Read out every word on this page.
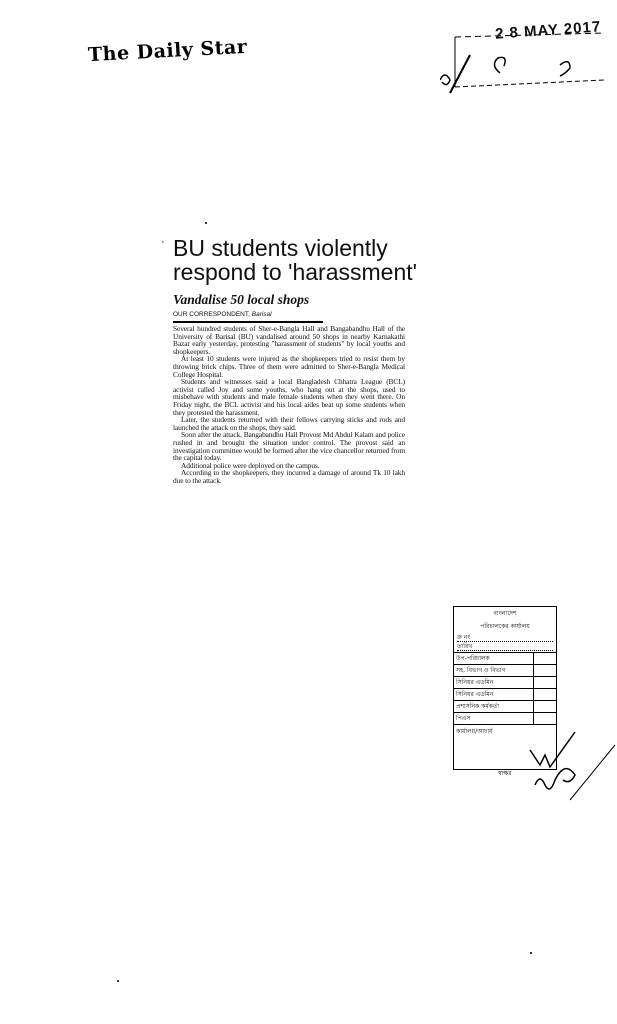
The Daily Star
2 8 MAY 2017
' BU students violently respond to 'harassment'
Vandalise 50 local shops
OUR CORRESPONDENT, Barisal

Several hundred students of Sher-e-Bangla Hall and Bangabandhu Hall of the University of Barisal (BU) vandalised around 50 shops in nearby Karnakathi Bazar early yesterday, protesting "harassment of students" by local youths and shopkeepers.

At least 10 students were injured as the shopkeepers tried to resist them by throwing brick chips. Three of them were admitted to Sher-e-Bangla Medical College Hospital.

Students and witnesses said a local Bangladesh Chhatra League (BCL) activist called Joy and some youths, who hang out at the shops, used to misbehave with students and male female students when they went there. On Friday night, the BCL activist and his local aides beat up some students when they protested the harassment.

Later, the students returned with their fellows carrying sticks and rods and launched the attack on the shops, they said.

Soon after the attack, Bangabandhu Hall Provost Md Abdul Kalam and police rushed in and brought the situation under control. The provost said an investigation committee would be formed after the vice chancellor returned from the capital today.

Additional police were deployed on the campus.

According to the shopkeepers, they incurred a damage of around Tk 10 lakh due to the attack.

বাংলাদেশ
পরিচালকের কার্যালয়
ক্র নং
তারিখ
উপ-পরিচালক
সহ. বিভাগ ও বিভাগ
সিনিয়র এডমিন
সিনিয়র এডমিন
প্রশাসনিক কর্মকর্তা
পিএস
কার্যালয়/আচার্য
স্বাক্ষর
